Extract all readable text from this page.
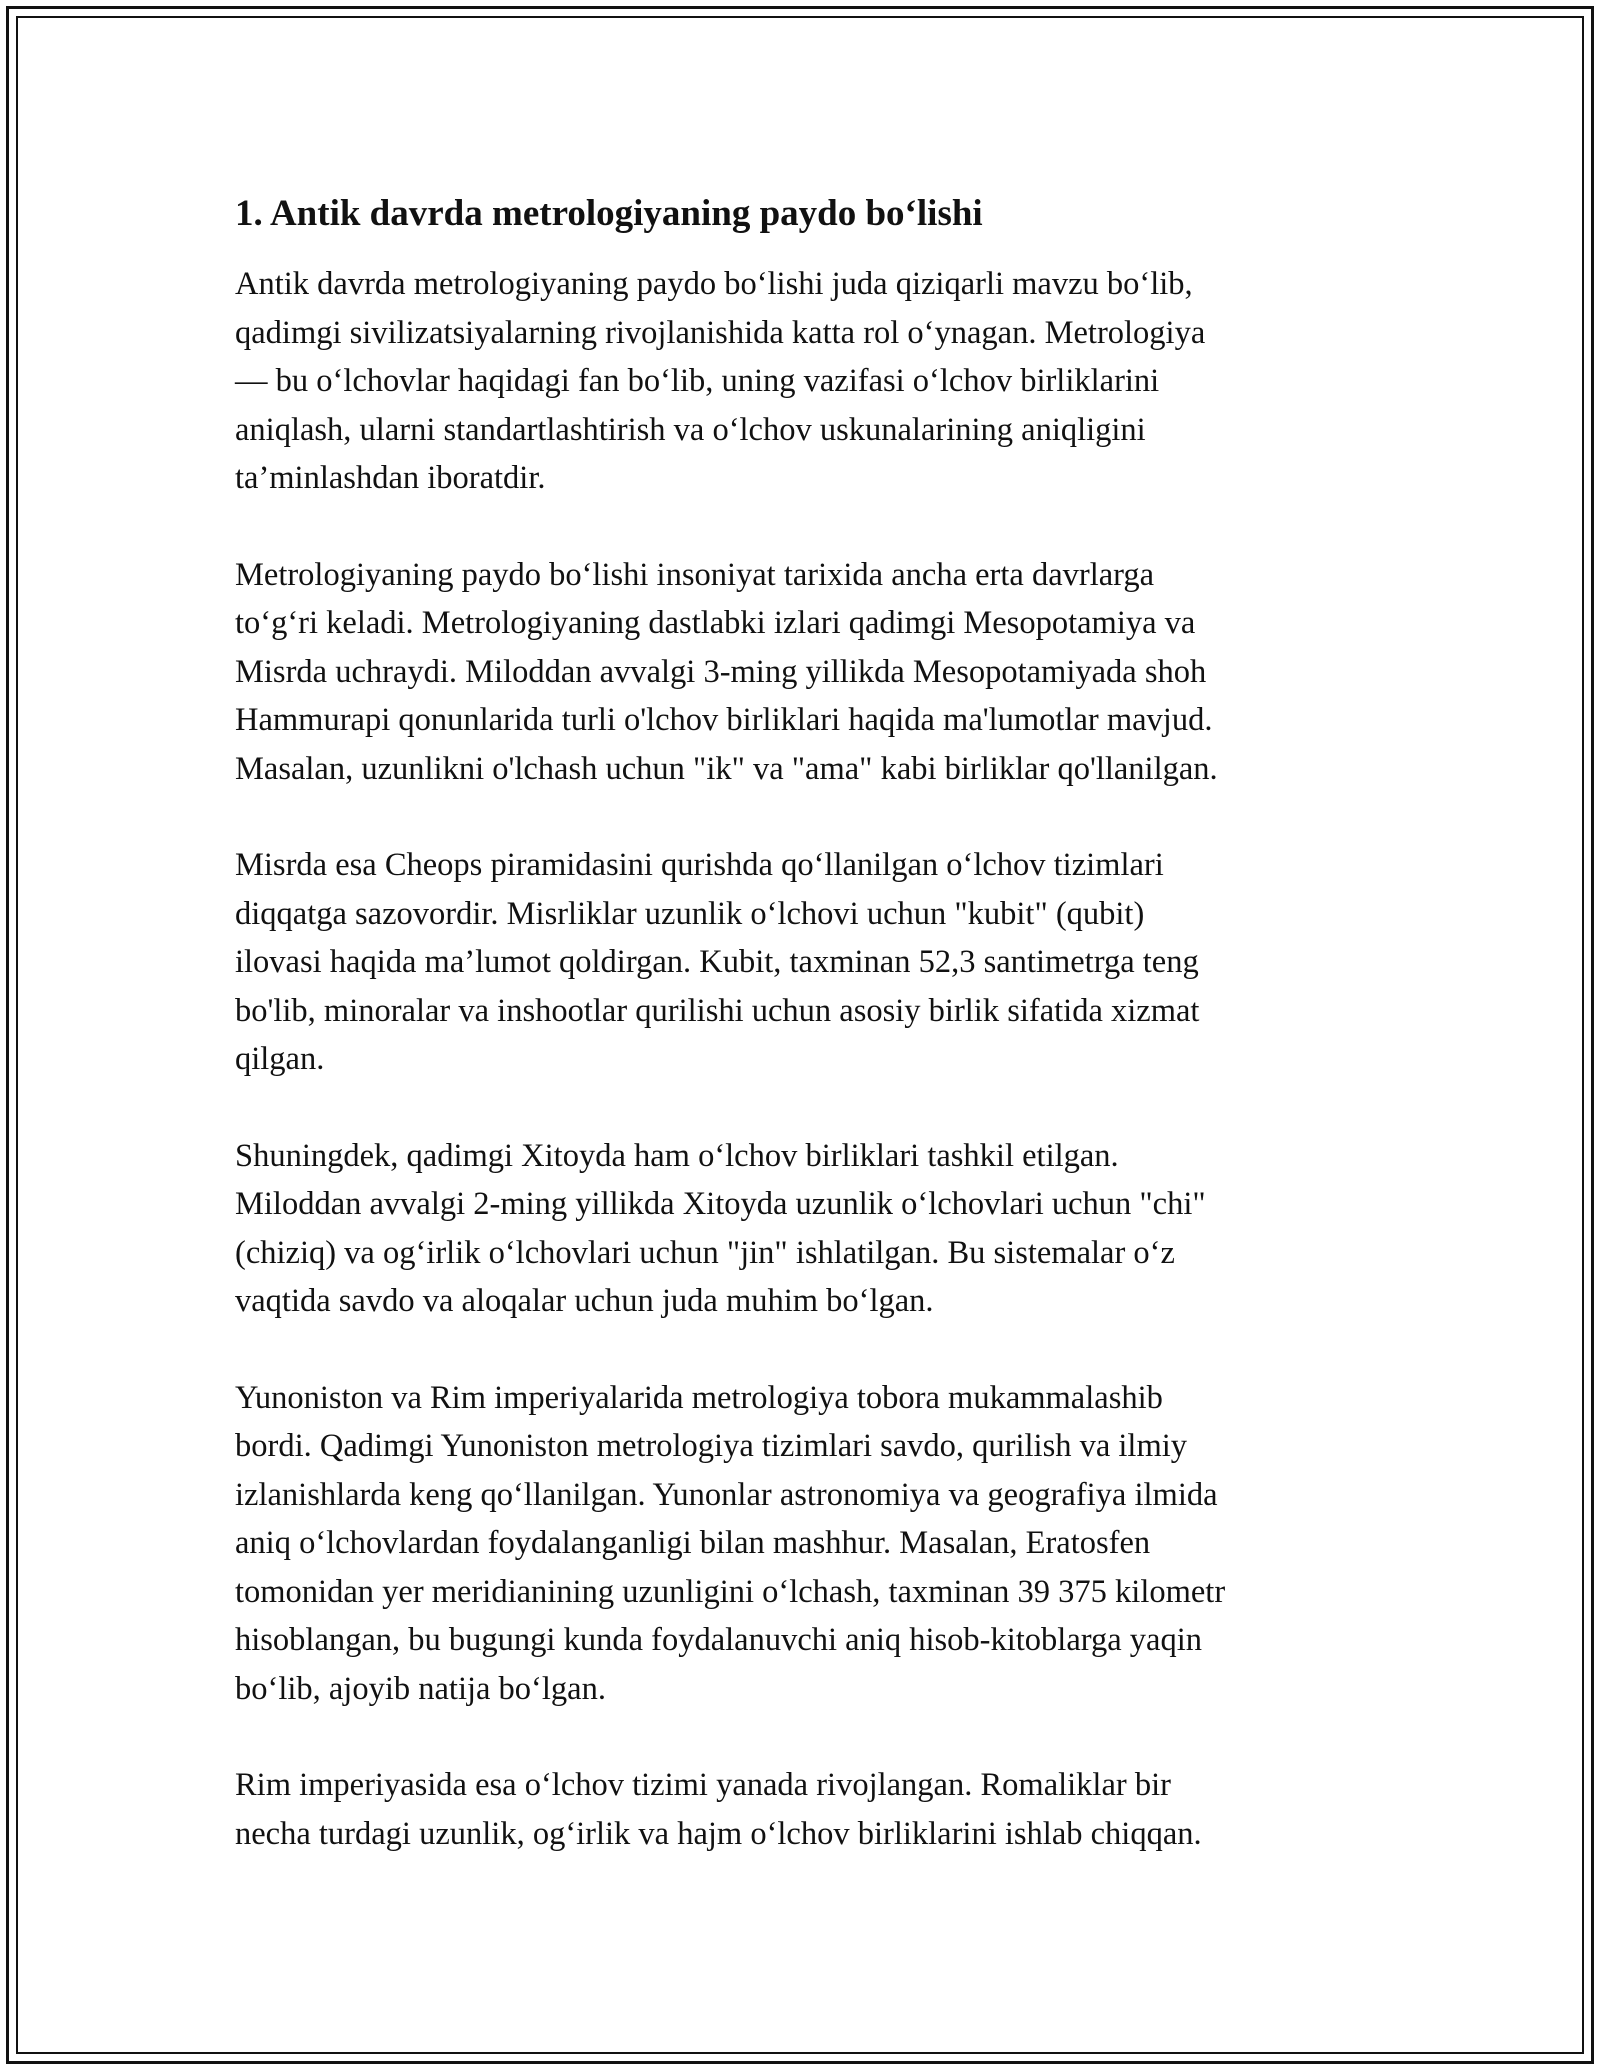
1. Antik davrda metrologiyaning paydo bo‘lishi

Antik davrda metrologiyaning paydo bo‘lishi juda qiziqarli mavzu bo‘lib,
qadimgi sivilizatsiyalarning rivojlanishida katta rol o‘ynagan. Metrologiya
— bu o‘lchovlar haqidagi fan bo‘lib, uning vazifasi o‘lchov birliklarini
aniqlash, ularni standartlashtirish va o‘lchov uskunalarining aniqligini
ta’minlashdan iboratdir.

Metrologiyaning paydo bo‘lishi insoniyat tarixida ancha erta davrlarga
to‘g‘ri keladi. Metrologiyaning dastlabki izlari qadimgi Mesopotamiya va
Misrda uchraydi. Miloddan avvalgi 3-ming yillikda Mesopotamiyada shoh
Hammurapi qonunlarida turli o'lchov birliklari haqida ma'lumotlar mavjud.
Masalan, uzunlikni o'lchash uchun "ik" va "ama" kabi birliklar qo'llanilgan.

Misrda esa Cheops piramidasini qurishda qo‘llanilgan o‘lchov tizimlari
diqqatga sazovordir. Misrliklar uzunlik o‘lchovi uchun "kubit" (qubit)
ilovasi haqida ma’lumot qoldirgan. Kubit, taxminan 52,3 santimetrga teng
bo'lib, minoralar va inshootlar qurilishi uchun asosiy birlik sifatida xizmat
qilgan.

Shuningdek, qadimgi Xitoyda ham o‘lchov birliklari tashkil etilgan.
Miloddan avvalgi 2-ming yillikda Xitoyda uzunlik o‘lchovlari uchun "chi"
(chiziq) va og‘irlik o‘lchovlari uchun "jin" ishlatilgan. Bu sistemalar o‘z
vaqtida savdo va aloqalar uchun juda muhim bo‘lgan.

Yunoniston va Rim imperiyalarida metrologiya tobora mukammalashib
bordi. Qadimgi Yunoniston metrologiya tizimlari savdo, qurilish va ilmiy
izlanishlarda keng qo‘llanilgan. Yunonlar astronomiya va geografiya ilmida
aniq o‘lchovlardan foydalanganligi bilan mashhur. Masalan, Eratosfen
tomonidan yer meridianining uzunligini o‘lchash, taxminan 39 375 kilometr
hisoblangan, bu bugungi kunda foydalanuvchi aniq hisob-kitoblarga yaqin
bo‘lib, ajoyib natija bo‘lgan.

Rim imperiyasida esa o‘lchov tizimi yanada rivojlangan. Romaliklar bir
necha turdagi uzunlik, og‘irlik va hajm o‘lchov birliklarini ishlab chiqqan.
